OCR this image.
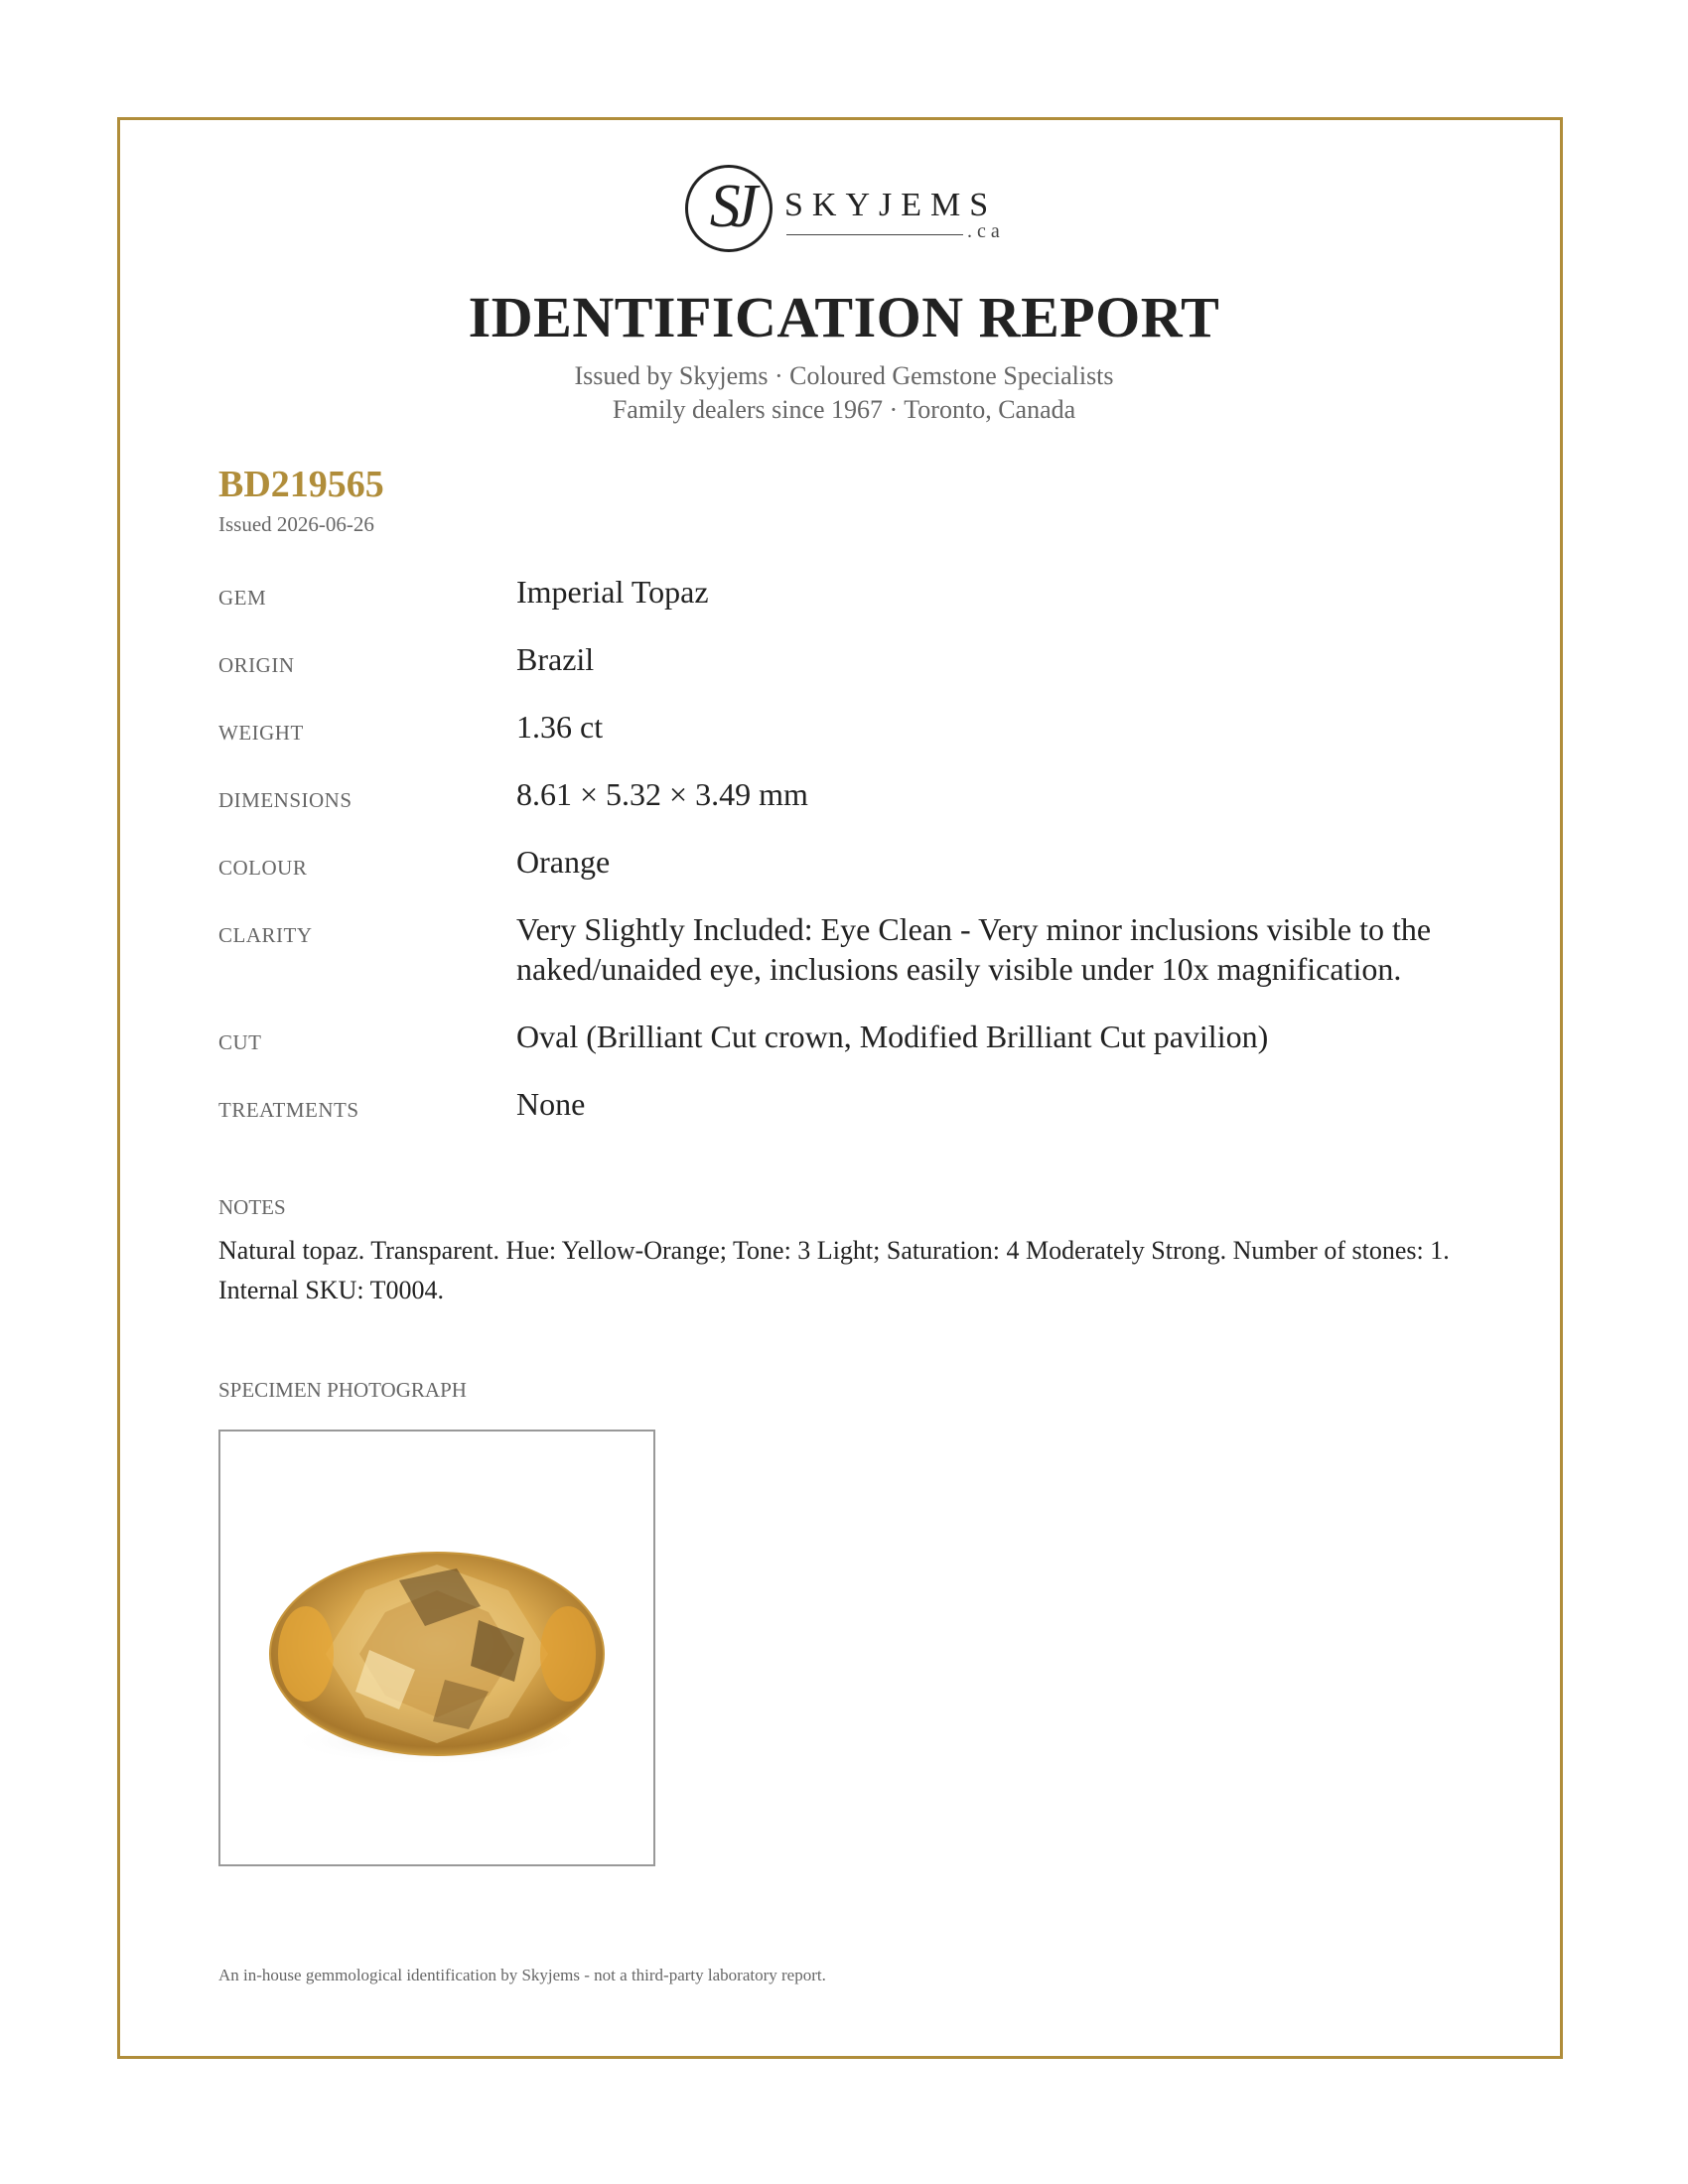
SJ	SKYJEMS
.ca
IDENTIFICATION REPORT
Issued by Skyjems · Coloured Gemstone Specialists
Family dealers since 1967 · Toronto, Canada
BD219565
Issued 2026-06-26
GEM	Imperial Topaz
ORIGIN	Brazil
WEIGHT	1.36 ct
DIMENSIONS	8.61 × 5.32 × 3.49 mm
COLOUR	Orange
CLARITY	Very Slightly Included: Eye Clean - Very minor inclusions visible to the naked/unaided eye, inclusions easily visible under 10x magnification.
CUT	Oval (Brilliant Cut crown, Modified Brilliant Cut pavilion)
TREATMENTS	None
NOTES
Natural topaz. Transparent. Hue: Yellow-Orange; Tone: 3 Light; Saturation: 4 Moderately Strong. Number of stones: 1. Internal SKU: T0004.
SPECIMEN PHOTOGRAPH
An in-house gemmological identification by Skyjems - not a third-party laboratory report.
